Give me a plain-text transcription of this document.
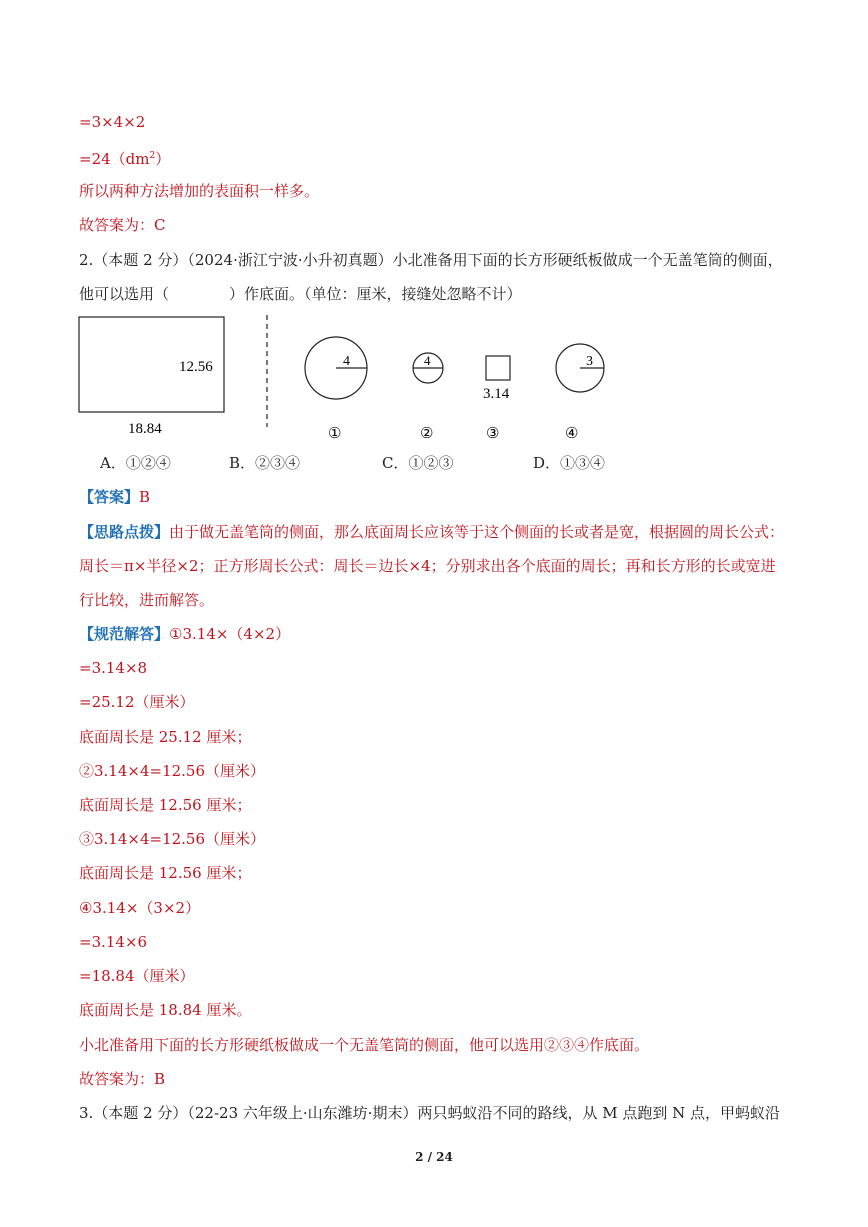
=3×4×2
$=24(dm^2)$
所以两种方法增加的表面积一样多。
故答案为：C
2.（本题 2 分）（2024·浙江宁波·小升初真题）小北准备用下面的长方形硬纸板做成一个无盖笔筒的侧面，
他可以选用（	）作底面。（单位：厘米，接缝处忽略不计）
12.56
18.84
4
①
4
②
3.14
③
3
④
A．①②④	B．②③④	C．①②③	D．①③④
【答案】B
【思路点拨】由于做无盖笔筒的侧面，那么底面周长应该等于这个侧面的长或者是宽，根据圆的周长公式：周长＝π×半径×2；正方形周长公式：周长＝边长×4；分别求出各个底面的周长；再和长方形的长或宽进行比较，进而解答。
【规范解答】①3.14×（4×2）
=3.14×8
=25.12（厘米）
底面周长是 25.12 厘米；
②3.14×4=12.56（厘米）
底面周长是 12.56 厘米；
③3.14×4=12.56（厘米）
底面周长是 12.56 厘米；
④3.14×（3×2）
=3.14×6
=18.84（厘米）
底面周长是 18.84 厘米。
小北准备用下面的长方形硬纸板做成一个无盖笔筒的侧面，他可以选用②③④作底面。
故答案为：B
3.（本题 2 分）（22-23 六年级上·山东潍坊·期末）两只蚂蚁沿不同的路线，从 M 点跑到 N 点，甲蚂蚁沿
2 / 24
